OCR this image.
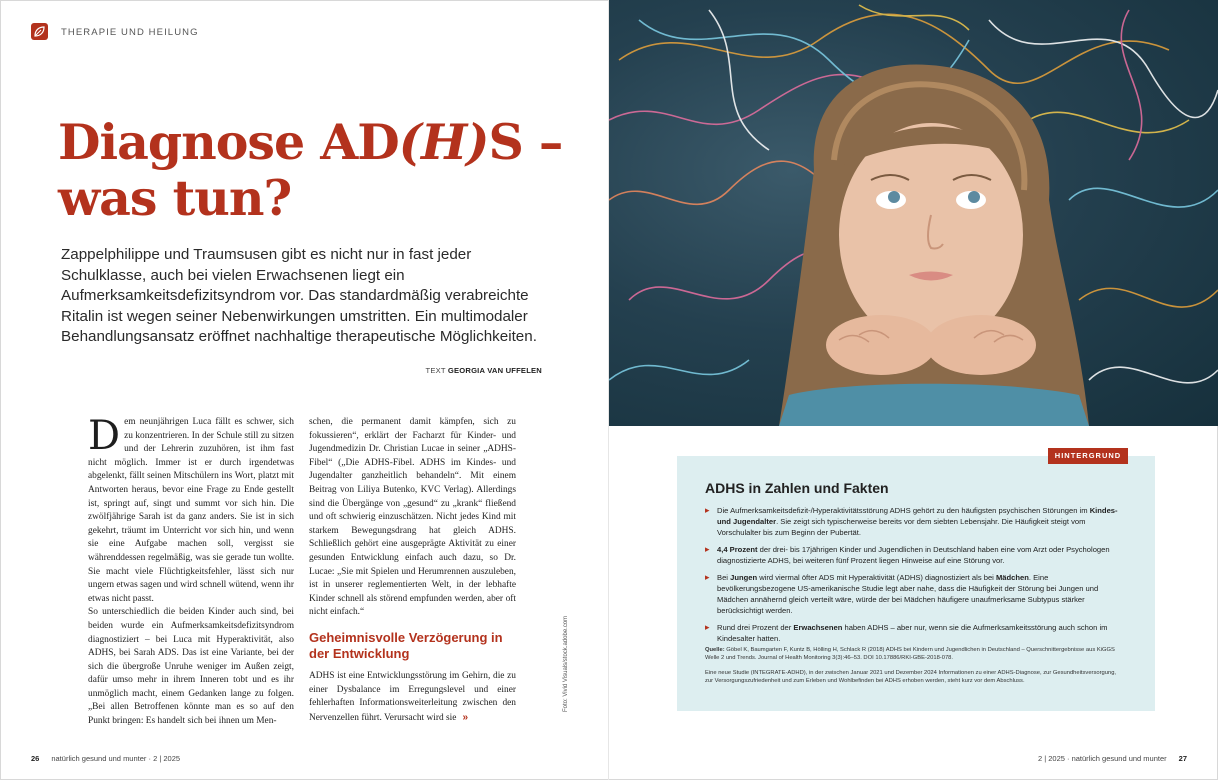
THERAPIE UND HEILUNG
Diagnose AD(H)S –
was tun?

Zappelphilippe und Traumsusen gibt es nicht nur in fast jeder Schulklasse, auch bei vielen Erwachsenen liegt ein Aufmerksamkeitsdefizitsyndrom vor. Das standardmäßig verabreichte Ritalin ist wegen seiner Nebenwirkungen umstritten. Ein multimodaler Behandlungsansatz eröffnet nachhaltige therapeutische Möglichkeiten.

TEXT GEORGIA VAN UFFELEN

Dem neunjährigen Luca fällt es schwer, sich zu konzentrieren. In der Schule still zu sitzen und der Lehrerin zuzuhören, ist ihm fast nicht möglich. Immer ist er durch irgendetwas abgelenkt, fällt seinen Mitschülern ins Wort, platzt mit Antworten heraus, bevor eine Frage zu Ende gestellt ist, springt auf, singt und summt vor sich hin. Die zwölfjährige Sarah ist da ganz anders. Sie ist in sich gekehrt, träumt im Unterricht vor sich hin, und wenn sie eine Aufgabe machen soll, vergisst sie währenddessen regelmäßig, was sie gerade tun wollte. Sie macht viele Flüchtigkeitsfehler, lässt sich nur ungern etwas sagen und wird schnell wütend, wenn ihr etwas nicht passt.

So unterschiedlich die beiden Kinder auch sind, bei beiden wurde ein Aufmerksamkeitsdefizitsyndrom diagnostiziert – bei Luca mit Hyperaktivität, also ADHS, bei Sarah ADS. Das ist eine Variante, bei der sich die übergroße Unruhe weniger im Außen zeigt, dafür umso mehr in ihrem Inneren tobt und es ihr unmöglich macht, einem Gedanken lange zu folgen. „Bei allen Betroffenen könnte man es so auf den Punkt bringen: Es handelt sich bei ihnen um Men-

schen, die permanent damit kämpfen, sich zu fokussieren“, erklärt der Facharzt für Kinder- und Jugendmedizin Dr. Christian Lucae in seiner „ADHS-Fibel“ („Die ADHS-Fibel. ADHS im Kindes- und Jugendalter ganzheitlich behandeln“. Mit einem Beitrag von Liliya Butenko, KVC Verlag). Allerdings sind die Übergänge von „gesund“ zu „krank“ fließend und oft schwierig einzuschätzen. Nicht jedes Kind mit starkem Bewegungsdrang hat gleich ADHS. Schließlich gehört eine ausgeprägte Aktivität zu einer gesunden Entwicklung einfach auch dazu, so Dr. Lucae: „Sie mit Spielen und Herumrennen auszuleben, ist in unserer reglementierten Welt, in der lebhafte Kinder schnell als störend empfunden werden, aber oft nicht einfach.“

Geheimnisvolle Verzögerung in der Entwicklung

ADHS ist eine Entwicklungsstörung im Gehirn, die zu einer Dysbalance im Erregungslevel und einer fehlerhaften Informationsweiterleitung zwischen den Nervenzellen führt. Verursacht wird sie »

Foto: Vivid Visuals/stock.adobe.com
HINTERGRUND
ADHS in Zahlen und Fakten
▸ Die Aufmerksamkeitsdefizit-/Hyperaktivitätsstörung ADHS gehört zu den häufigsten psychischen Störungen im Kindes- und Jugendalter. Sie zeigt sich typischerweise bereits vor dem siebten Lebensjahr. Die Häufigkeit steigt vom Vorschulalter bis zum Beginn der Pubertät.
▸ 4,4 Prozent der drei- bis 17jährigen Kinder und Jugendlichen in Deutschland haben eine vom Arzt oder Psychologen diagnostizierte ADHS, bei weiteren fünf Prozent liegen Hinweise auf eine Störung vor.
▸ Bei Jungen wird viermal öfter ADS mit Hyperaktivität (ADHS) diagnostiziert als bei Mädchen. Eine bevölkerungsbezogene US-amerikanische Studie legt aber nahe, dass die Häufigkeit der Störung bei Jungen und Mädchen annähernd gleich verteilt wäre, würde der bei Mädchen häufigere unaufmerksame Subtypus stärker berücksichtigt werden.
▸ Rund drei Prozent der Erwachsenen haben ADHS – aber nur, wenn sie die Aufmerksamkeitsstörung auch schon im Kindesalter hatten.

Quelle: Göbel K, Baumgarten F, Kuntz B, Hölling H, Schlack R (2018) ADHS bei Kindern und Jugendlichen in Deutschland – Querschnittergebnisse aus KiGGS Welle 2 und Trends. Journal of Health Monitoring 3(3):46–53. DOI 10.17886/RKI-GBE-2018-078.

Eine neue Studie (INTEGRATE-ADHD), in der zwischen Januar 2021 und Dezember 2024 Informationen zu einer ADHS-Diagnose, zur Gesundheitsversorgung, zur Versorgungszufriedenheit und zum Erleben und Wohlbefinden bei ADHS erhoben werden, steht kurz vor dem Abschluss.

26 natürlich gesund und munter · 2 | 2025	2 | 2025 · natürlich gesund und munter 27
